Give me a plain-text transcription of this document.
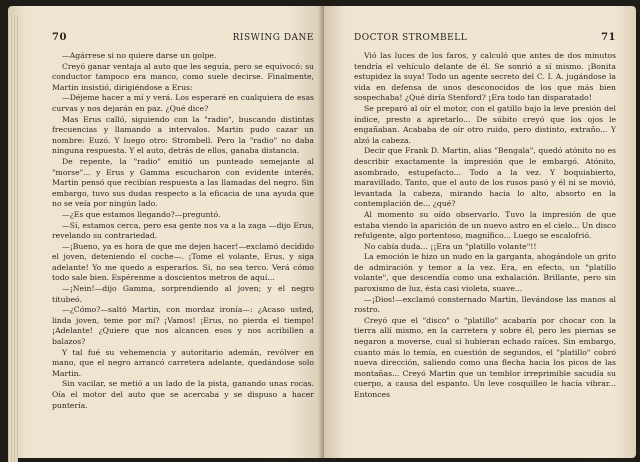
70	RISWING DANE

—Agárrese si no quiere darse un golpe.

Creyó ganar ventaja al auto que les seguía, pero se equivocó: su conductor tampoco era manco, como suele decirse. Finalmente, Martin insistió, dirigiéndose a Erus:

—Déjeme hacer a mí y verá. Los esperaré en cualquiera de esas curvas y nos dejarán en paz. ¿Qué dice?

Mas Erus calló, siguiendo con la "radio", buscando distintas frecuencias y llamando a intervalos. Martin pudo cazar un nombre: Euzó. Y luego otro: Strombell. Pero la "radio" no daba ninguna respuesta. Y el auto, detrás de ellos, ganaba distancia.

De repente, la "radio" emitió un punteado semejante al "morse"... y Erus y Gamma escucharon con evidente interés. Martin pensó que recibían respuesta a las llamadas del negro. Sin embargo, tuvo sus dudas respecto a la eficacia de una ayuda que no se veía por ningún lado.

—¿Es que estamos llegando?—preguntó.

—Sí, estamos cerca, pero esa gente nos va a la zaga —dijo Erus, revelando su contrariedad.

—¡Bueno, ya es hora de que me dejen hacer!—exclamó decidido el joven, deteniendo el coche—. ¡Tome el volante, Erus, y siga adelante! Yo me quedo a esperarlos. Si, no sea terco. Verá cómo todo sale bien. Espérenme a doscientos metros de aquí...

—¡Nein!—dijo Gamma, sorprendiendo al joven; y el negro titubeó.

—¿Cómo?—saltó Martin, con mordaz ironía—: ¿Acaso usted, linda joven, teme por mí? ¡Vamos! ¡Erus, no pierda el tiempo! ¡Adelante! ¿Quiere que nos alcancen esos y nos acribillen a balazos?

Y tal fué su vehemencia y autoritario ademán, revólver en mano, que el negro arrancó carretera adelante, quedándose solo Martin.

Sin vacilar, se metió a un lado de la pista, ganando unas rocas. Oía el motor del auto que se acercaba y se dispuso a hacer puntería.

DOCTOR STROMBELL	71

Vió las luces de los faros, y calculó que antes de dos minutos tendría el vehículo delante de él. Se sonrió a sí mismo. ¡Bonita estupidez la suya! Todo un agente secreto del C. I. A. jugándose la vida en defensa de unos desconocidos de los que más bien sospechaba! ¿Qué diría Stenford? ¡Era todo tan disparatado!

Se preparó al oír el motor, con el gatillo bajo la leve presión del índice, presto a apretarlo... De súbito creyó que los ojos le engañaban. Acababa de oír otro ruido, pero distinto, extraño... Y alzó la cabeza.

Decir que Frank D. Martin, alias "Bengala", quedó atónito no es describir exactamente la impresión que le embargó. Atónito, asombrado, estupefacto... Todo a la vez. Y boquiabierto, maravillado. Tanto, que el auto de los rusos pasó y él ni se movió, levantada la cabeza, mirando hacia lo alto, absorto en la contemplación de... ¿qué?

Al momento su oído observarlo. Tuvo la impresión de que estaba viendo la aparición de un nuevo astro en el cielo... Un disco refulgente, algo portentoso, magnífico... Luego se escalofrió.

No cabía duda... ¡¡Era un "platillo volante"!!

La emoción le hizo un nudo en la garganta, ahogándole un grito de admiración y temor a la vez. Era, en efecto, un "platillo volante", que descendía como una exhalación. Brillante, pero sin paroxismo de luz, ésta casi violeta, suave...

—¡Dios!—exclamó consternado Martin, llevándose las manos al rostro.

Creyó que el "disco" o "platillo" acabaría por chocar con la tierra allí mismo, en la carretera y sobre él, pero les piernas se negaron a moverse, cual si hubieran echado raíces. Sin embargo, cuanto más lo temía, en cuestión de segundos, el "platillo" cobró nueva dirección, saliendo como una flecha hacia los picos de las montañas... Creyó Martin que un temblor irreprimible sacudía su cuerpo, a causa del espanto. Un leve cosquilleo le hacía vibrar... Entonces
